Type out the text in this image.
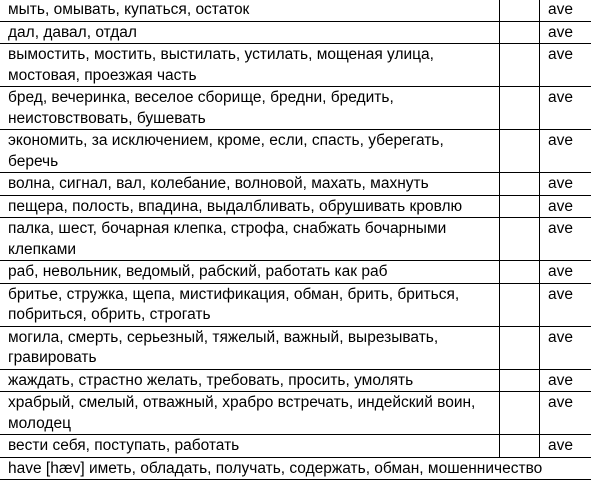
мыть, омывать, купаться, остаток		ave
дал, давал, отдал		ave
вымостить, мостить, выстилать, устилать, мощеная улица, мостовая, проезжая часть		ave
бред, вечеринка, веселое сборище, бредни, бредить, неистовствовать, бушевать		ave
экономить, за исключением, кроме, если, спасть, уберегать, беречь		ave
волна, сигнал, вал, колебание, волновой, махать, махнуть		ave
пещера, полость, впадина, выдалбливать, обрушивать кровлю		ave
палка, шест, бочарная клепка, строфа, снабжать бочарными клепками		ave
раб, невольник, ведомый, рабский, работать как раб		ave
бритье, стружка, щепа, мистификация, обман, брить, бриться, побриться, обрить, строгать		ave
могила, смерть, серьезный, тяжелый, важный, вырезывать, гравировать		ave
жаждать, страстно желать, требовать, просить, умолять		ave
храбрый, смелый, отважный, храбро встречать, индейский воин, молодец		ave
вести себя, поступать, работать		ave
have [hæv] иметь, обладать, получать, содержать, обман, мошенничество		
